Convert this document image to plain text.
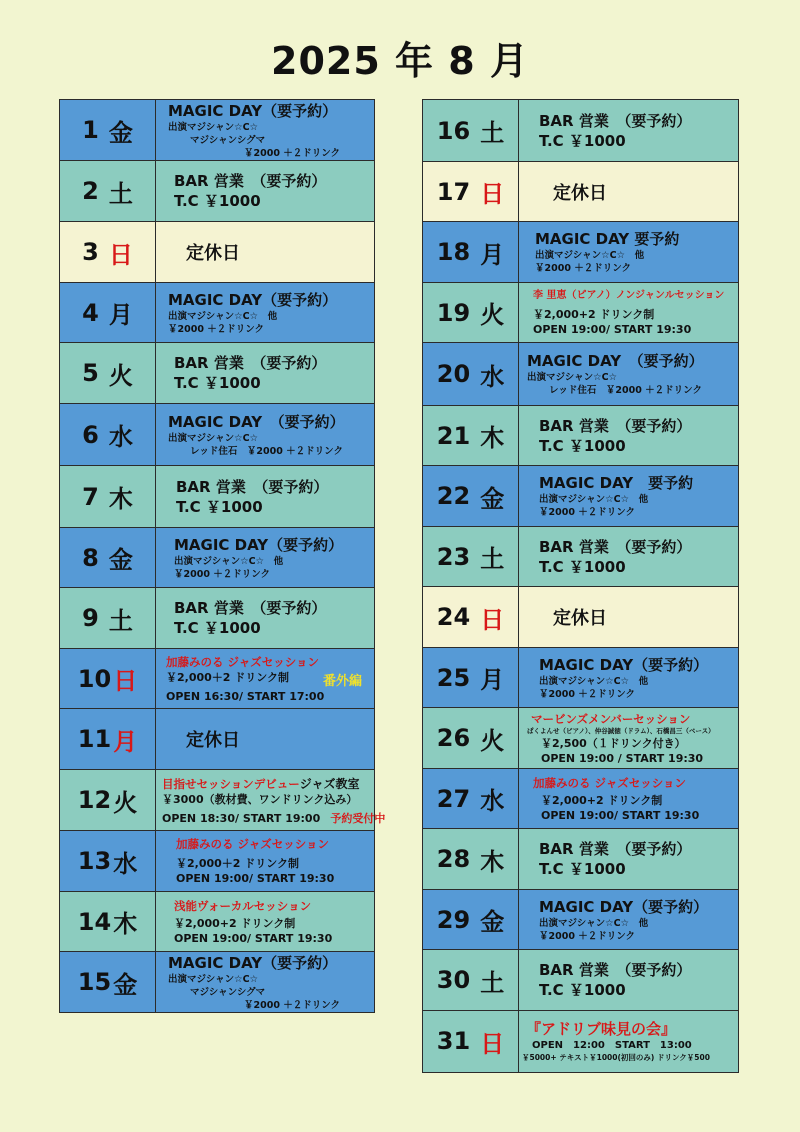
2025 年 8 月
1 金
MAGIC DAY（要予約）
出演マジシャン☆C☆
マジシャンシグマ
￥2000 ＋２ドリンク
2 土	BAR 営業　（要予約）
T.C ￥1000
3 日	定休日
4 月
MAGIC DAY（要予約）
出演マジシャン☆C☆　他
￥2000 ＋２ドリンク
5 火	BAR 営業　（要予約）
T.C ￥1000
6 水
MAGIC DAY　（要予約）
出演マジシャン☆C☆
レッド住石　￥2000 ＋２ドリンク
7 木	BAR 営業　（要予約）
T.C ￥1000
8 金
MAGIC DAY（要予約）
出演マジシャン☆C☆　他
￥2000 ＋２ドリンク
9 土	BAR 営業　（要予約）
T.C ￥1000
10 日
加藤みのる ジャズセッション
￥2,000＋2 ドリンク制	番外編
OPEN 16:30/ START 17:00
11 月	定休日
12 火
目指せセッションデビュージャズ教室
￥3000（教材費、ワンドリンク込み）
OPEN 18:30/ START 19:00 予約受付中
13 水
加藤みのる ジャズセッション
￥2,000＋2 ドリンク制
OPEN 19:00/ START 19:30
14 木
浅能ヴォーカルセッション
￥2,000+2 ドリンク制
OPEN 19:00/ START 19:30
15 金
MAGIC DAY（要予約）
出演マジシャン☆C☆
マジシャンシグマ
￥2000 ＋２ドリンク
16 土 BAR 営業　（要予約）
T.C ￥1000
17 日	定休日
18 月
MAGIC DAY 要予約
出演マジシャン☆C☆　他
￥2000 ＋２ドリンク
19 火
李 里恵（ピアノ）ノンジャンルセッション
￥2,000+2 ドリンク制
OPEN 19:00/ START 19:30
20 水
MAGIC DAY　（要予約）
出演マジシャン☆C☆
レッド住石　￥2000 ＋２ドリンク
21 木 BAR 営業　（要予約）
T.C ￥1000
22 金
MAGIC DAY　要予約
出演マジシャン☆C☆　他
￥2000 ＋２ドリンク
23 土 BAR 営業　（要予約）
T.C ￥1000
24 日	定休日
25 月
MAGIC DAY（要予約）
出演マジシャン☆C☆　他
￥2000 ＋２ドリンク
26 火
マービンズメンバーセッション
ぱくよんせ（ピアノ）、仲谷誠徳（ドラム）、石橋昌三（ベース）
￥2,500（１ドリンク付き）
OPEN 19:00 / START 19:30
27 水
加藤みのる ジャズセッション
￥2,000+2 ドリンク制
OPEN 19:00/ START 19:30
28 木 BAR 営業　（要予約）
T.C ￥1000
29 金
MAGIC DAY（要予約）
出演マジシャン☆C☆　他
￥2000 ＋２ドリンク
30 土 BAR 営業　（要予約）
T.C ￥1000
31 日
『アドリブ味見の会』
OPEN　12:00　START　13:00
￥5000+ テキスト￥1000(初回のみ) ドリンク￥500
